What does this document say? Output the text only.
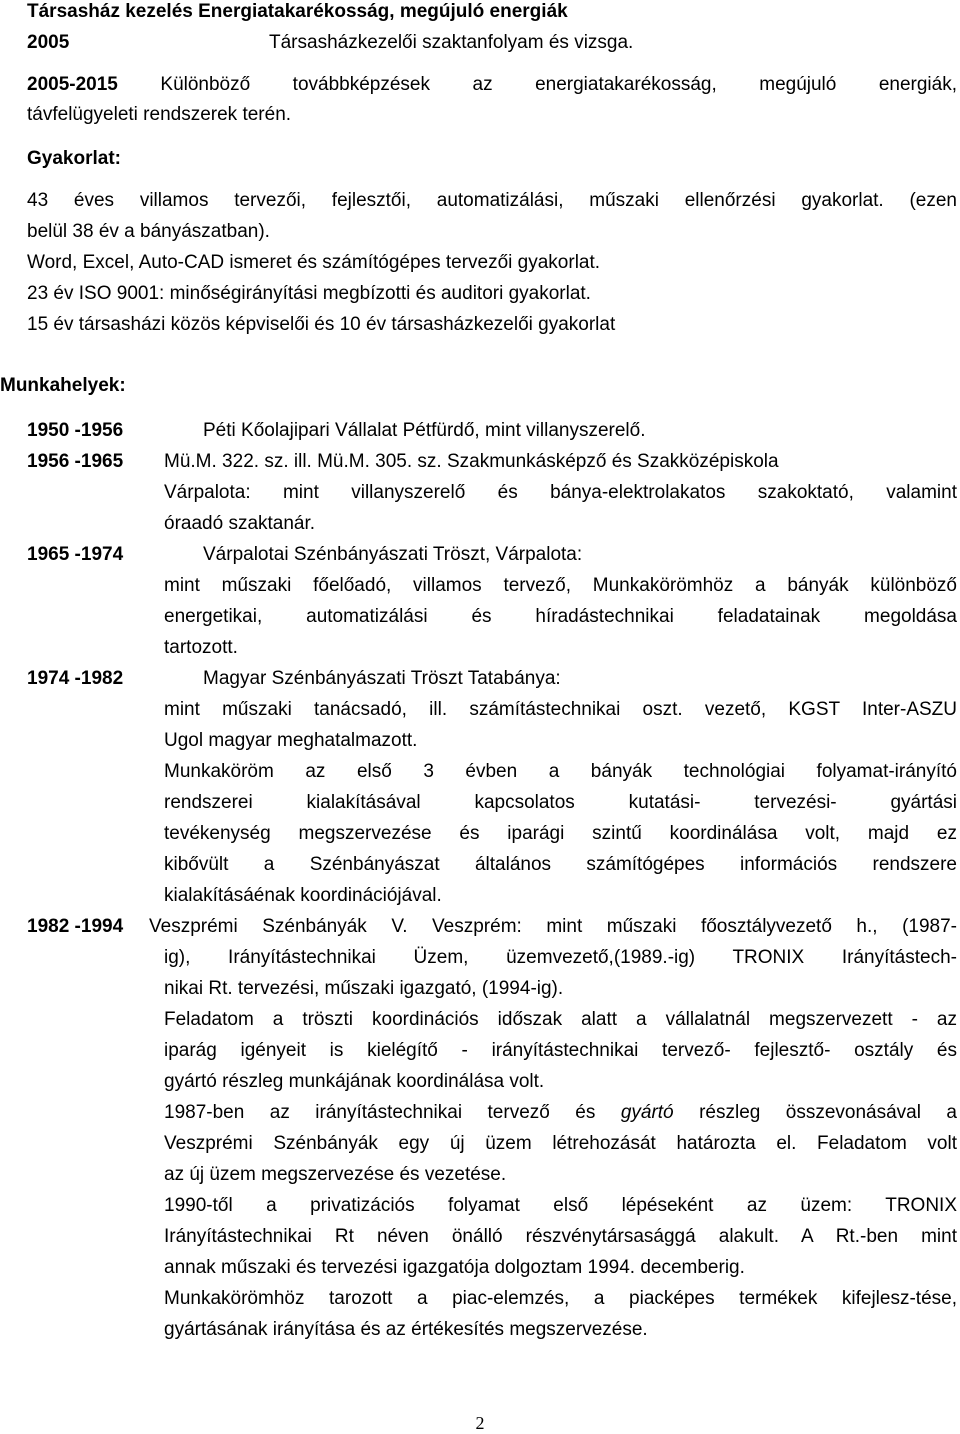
Társasház kezelés Energiatakarékosság, megújuló energiák
2005	Társasházkezelői szaktanfolyam és vizsga.
2005-2015 Különböző továbbképzések az energiatakarékosság, megújuló energiák,
távfelügyeleti rendszerek terén.
Gyakorlat:
43 éves villamos tervezői, fejlesztői, automatizálási, műszaki ellenőrzési gyakorlat. (ezen
belül 38 év a bányászatban).
Word, Excel, Auto-CAD ismeret és számítógépes tervezői gyakorlat.
23 év ISO 9001: minőségirányítási megbízotti és auditori gyakorlat.
15 év társasházi közös képviselői és 10 év társasházkezelői gyakorlat
Munkahelyek:
1950 -1956	Péti Kőolajipari Vállalat Pétfürdő, mint villanyszerelő.
1956 -1965 Mü.M. 322. sz. ill. Mü.M. 305. sz. Szakmunkásképző és Szakközépiskola
Várpalota: mint villanyszerelő és bánya-elektrolakatos szakoktató, valamint
óraadó szaktanár.
1965 -1974	Várpalotai Szénbányászati Tröszt, Várpalota:
mint műszaki főelőadó, villamos tervező, Munkakörömhöz a bányák különböző
energetikai, automatizálási és híradástechnikai feladatainak megoldása
tartozott.
1974 -1982	Magyar Szénbányászati Tröszt Tatabánya:
mint műszaki tanácsadó, ill. számítástechnikai oszt. vezető, KGST Inter-ASZU
Ugol magyar meghatalmazott.
Munkaköröm az első 3 évben a bányák technológiai folyamat-irányító
rendszerei kialakításával kapcsolatos kutatási- tervezési- gyártási
tevékenység megszervezése és iparági szintű koordinálása volt, majd ez
kibővült a Szénbányászat általános számítógépes információs rendszere
kialakításáénak koordinációjával.
1982 -1994 Veszprémi Szénbányák V. Veszprém: mint műszaki főosztályvezető h., (1987-
ig), Irányítástechnikai Üzem, üzemvezető,(1989.-ig) TRONIX Irányítástech-
nikai Rt. tervezési, műszaki igazgató, (1994-ig).
Feladatom a tröszti koordinációs időszak alatt a vállalatnál megszervezett - az
iparág igényeit is kielégítő - irányítástechnikai tervező- fejlesztő- osztály és
gyártó részleg munkájának koordinálása volt.
1987-ben az irányítástechnikai tervező és gyártó részleg összevonásával a
Veszprémi Szénbányák egy új üzem létrehozását határozta el. Feladatom volt
az új üzem megszervezése és vezetése.
1990-től a privatizációs folyamat első lépéseként az üzem: TRONIX
Irányítástechnikai Rt néven önálló részvénytársasággá alakult. A Rt.-ben mint
annak műszaki és tervezési igazgatója dolgoztam 1994. decemberig.
Munkakörömhöz tarozott a piac-elemzés, a piacképes termékek kifejlesz-tése,
gyártásának irányítása és az értékesítés megszervezése.
2
